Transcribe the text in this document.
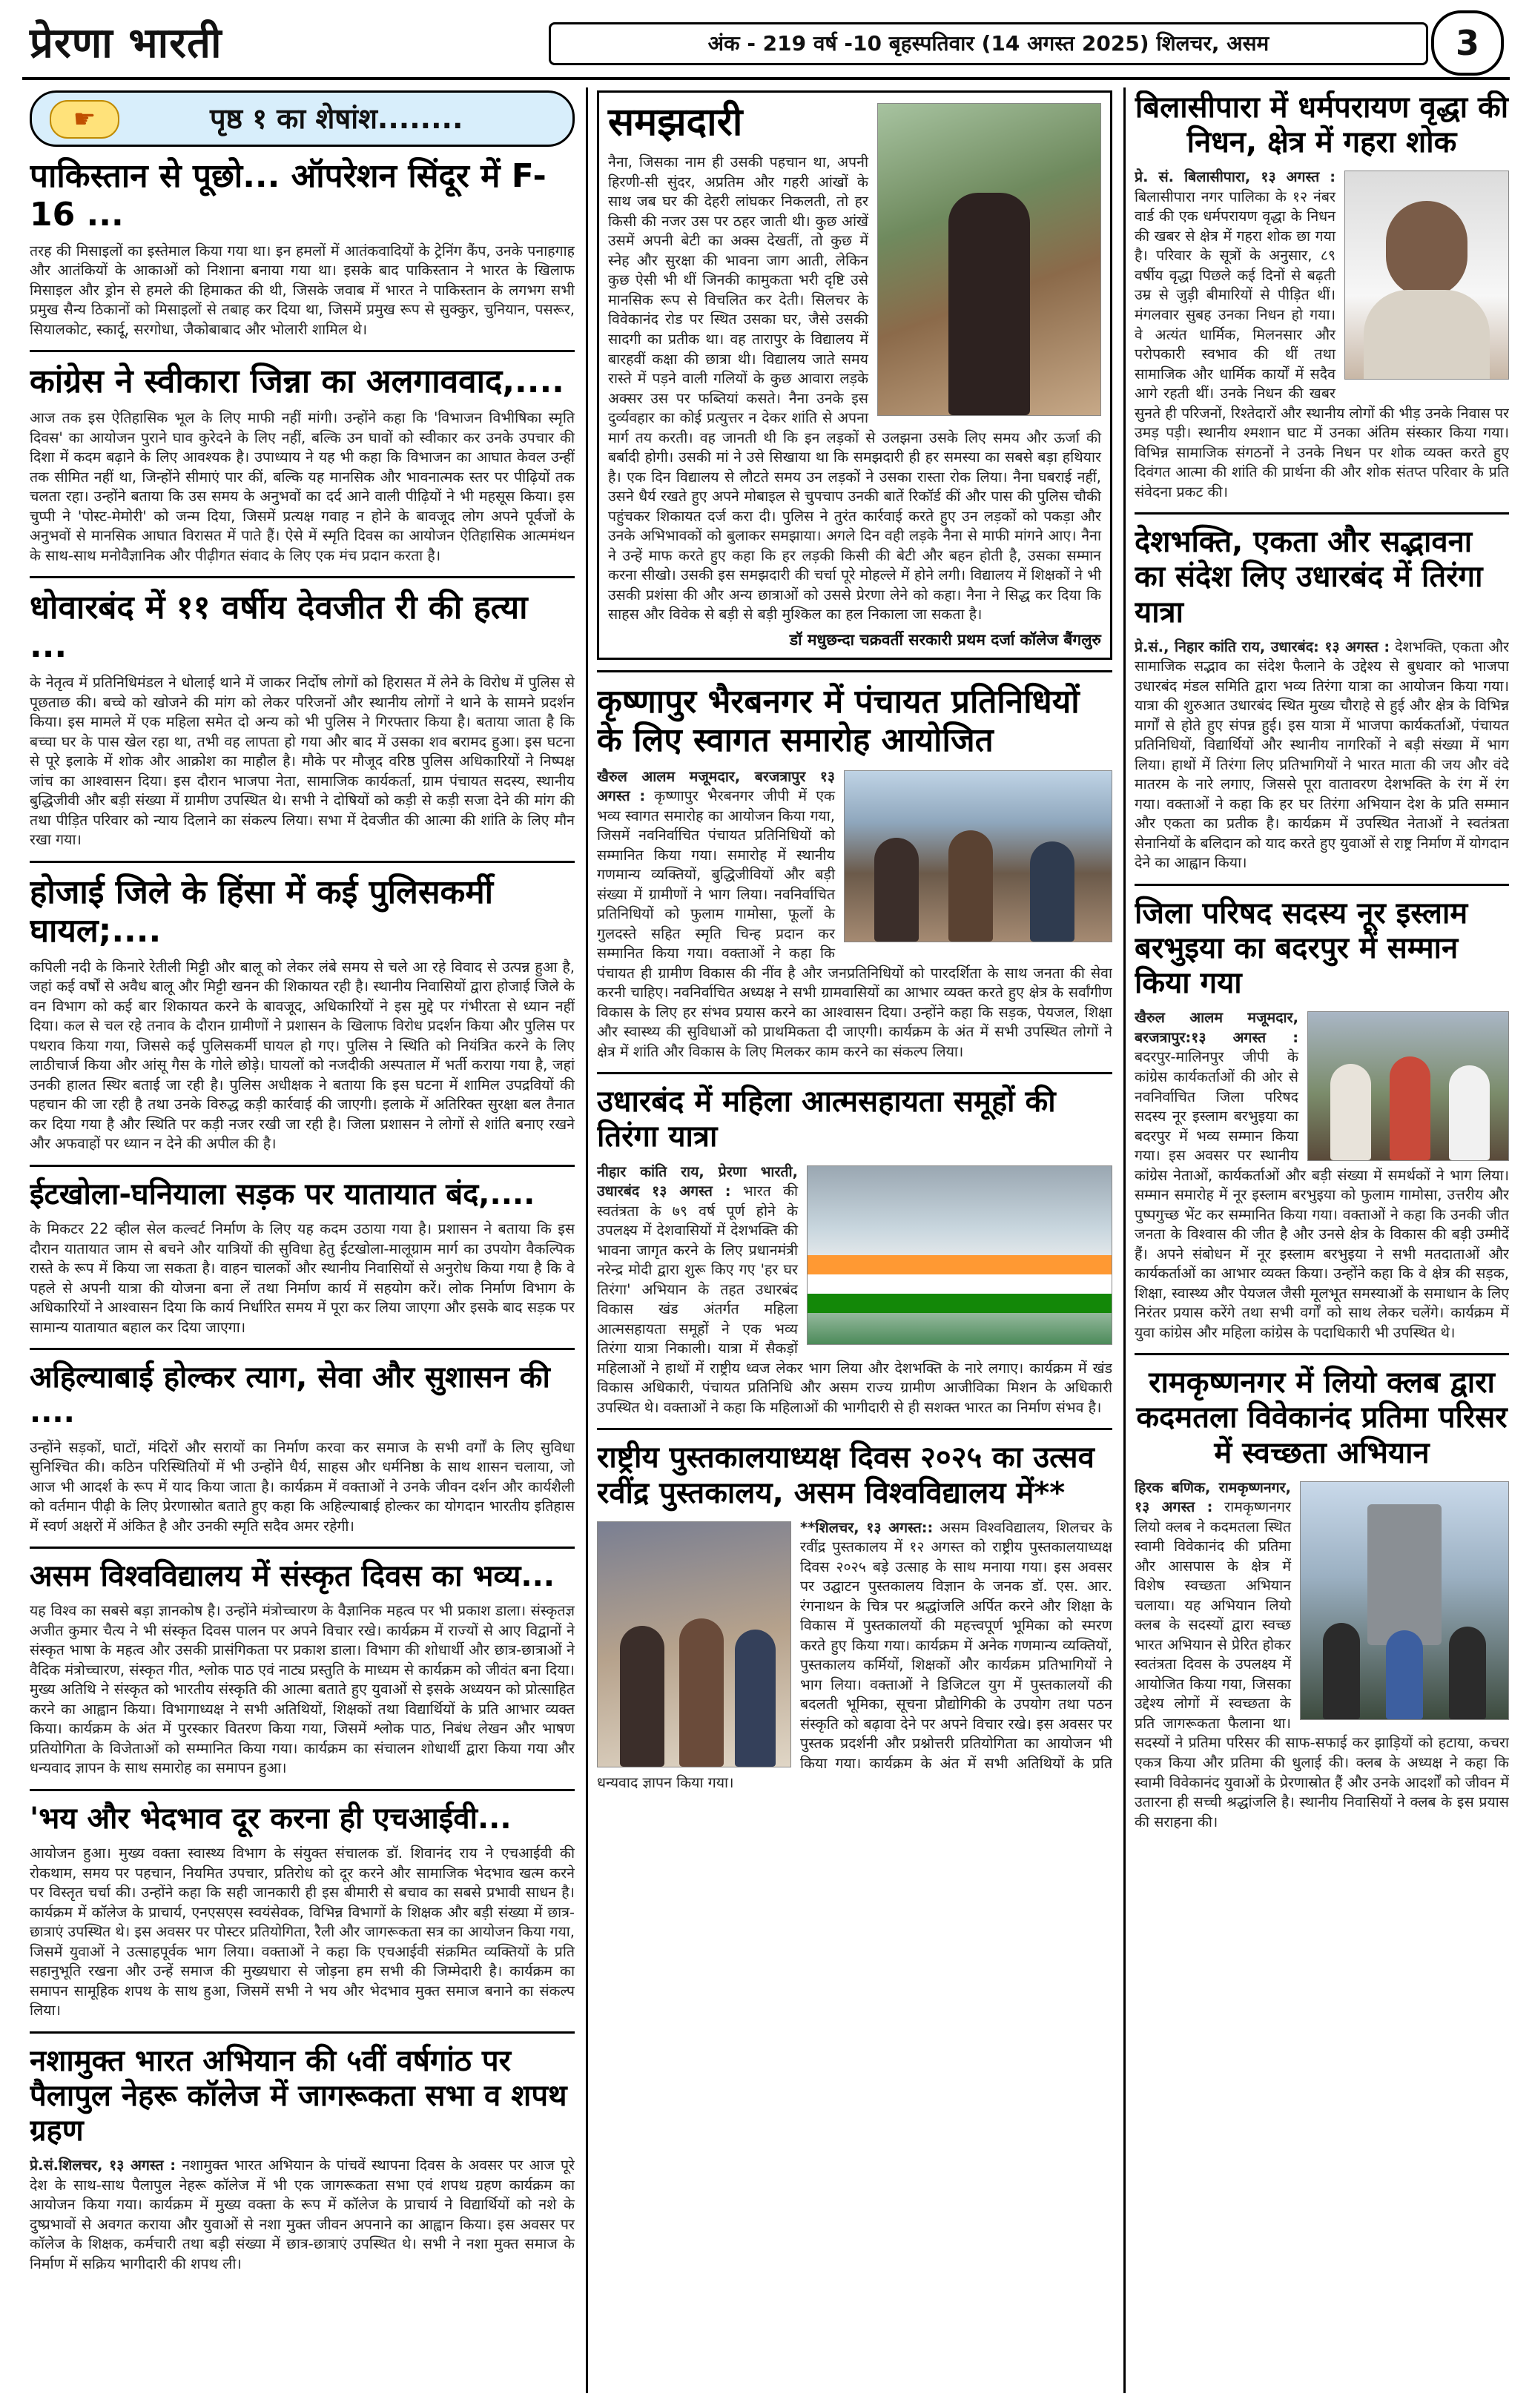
प्रेरणा भारती	अंक - 219 वर्ष -10 बृहस्पतिवार (14 अगस्त 2025) शिलचर, असम	3
☛	पृष्ठ १ का शेषांश........
पाकिस्तान से पूछो... ऑपरेशन सिंदूर में F-16 ...

तरह की मिसाइलों का इस्तेमाल किया गया था। इन हमलों में आतंकवादियों के ट्रेनिंग कैंप, उनके पनाहगाह और आतंकियों के आकाओं को निशाना बनाया गया था। इसके बाद पाकिस्तान ने भारत के खिलाफ मिसाइल और ड्रोन से हमले की हिमाकत की थी, जिसके जवाब में भारत ने पाकिस्तान के लगभग सभी प्रमुख सैन्य ठिकानों को मिसाइलों से तबाह कर दिया था, जिसमें प्रमुख रूप से सुक्कुर, चुनियान, पसरूर, सियालकोट, स्कार्दू, सरगोधा, जैकोबाबाद और भोलारी शामिल थे।

कांग्रेस ने स्वीकारा जिन्ना का अलगाववाद,....

आज तक इस ऐतिहासिक भूल के लिए माफी नहीं मांगी। उन्होंने कहा कि 'विभाजन विभीषिका स्मृति दिवस' का आयोजन पुराने घाव कुरेदने के लिए नहीं, बल्कि उन घावों को स्वीकार कर उनके उपचार की दिशा में कदम बढ़ाने के लिए आवश्यक है। उपाध्याय ने यह भी कहा कि विभाजन का आघात केवल उन्हीं तक सीमित नहीं था, जिन्होंने सीमाएं पार कीं, बल्कि यह मानसिक और भावनात्मक स्तर पर पीढ़ियों तक चलता रहा। उन्होंने बताया कि उस समय के अनुभवों का दर्द आने वाली पीढ़ियों ने भी महसूस किया। इस चुप्पी ने 'पोस्ट-मेमोरी' को जन्म दिया, जिसमें प्रत्यक्ष गवाह न होने के बावजूद लोग अपने पूर्वजों के अनुभवों से मानसिक आघात विरासत में पाते हैं। ऐसे में स्मृति दिवस का आयोजन ऐतिहासिक आत्ममंथन के साथ-साथ मनोवैज्ञानिक और पीढ़ीगत संवाद के लिए एक मंच प्रदान करता है।

धोवारबंद में ११ वर्षीय देवजीत री की हत्या ...

के नेतृत्व में प्रतिनिधिमंडल ने धोलाई थाने में जाकर निर्दोष लोगों को हिरासत में लेने के विरोध में पुलिस से पूछताछ की। बच्चे को खोजने की मांग को लेकर परिजनों और स्थानीय लोगों ने थाने के सामने प्रदर्शन किया। इस मामले में एक महिला समेत दो अन्य को भी पुलिस ने गिरफ्तार किया है। बताया जाता है कि बच्चा घर के पास खेल रहा था, तभी वह लापता हो गया और बाद में उसका शव बरामद हुआ। इस घटना से पूरे इलाके में शोक और आक्रोश का माहौल है। मौके पर मौजूद वरिष्ठ पुलिस अधिकारियों ने निष्पक्ष जांच का आश्वासन दिया। इस दौरान भाजपा नेता, सामाजिक कार्यकर्ता, ग्राम पंचायत सदस्य, स्थानीय बुद्धिजीवी और बड़ी संख्या में ग्रामीण उपस्थित थे। सभी ने दोषियों को कड़ी से कड़ी सजा देने की मांग की तथा पीड़ित परिवार को न्याय दिलाने का संकल्प लिया। सभा में देवजीत की आत्मा की शांति के लिए मौन रखा गया।

होजाई जिले के हिंसा में कई पुलिसकर्मी घायल;....

कपिली नदी के किनारे रेतीली मिट्टी और बालू को लेकर लंबे समय से चले आ रहे विवाद से उत्पन्न हुआ है, जहां कई वर्षों से अवैध बालू और मिट्टी खनन की शिकायत रही है। स्थानीय निवासियों द्वारा होजाई जिले के वन विभाग को कई बार शिकायत करने के बावजूद, अधिकारियों ने इस मुद्दे पर गंभीरता से ध्यान नहीं दिया। कल से चल रहे तनाव के दौरान ग्रामीणों ने प्रशासन के खिलाफ विरोध प्रदर्शन किया और पुलिस पर पथराव किया गया, जिससे कई पुलिसकर्मी घायल हो गए। पुलिस ने स्थिति को नियंत्रित करने के लिए लाठीचार्ज किया और आंसू गैस के गोले छोड़े। घायलों को नजदीकी अस्पताल में भर्ती कराया गया है, जहां उनकी हालत स्थिर बताई जा रही है। पुलिस अधीक्षक ने बताया कि इस घटना में शामिल उपद्रवियों की पहचान की जा रही है तथा उनके विरुद्ध कड़ी कार्रवाई की जाएगी। इलाके में अतिरिक्त सुरक्षा बल तैनात कर दिया गया है और स्थिति पर कड़ी नजर रखी जा रही है। जिला प्रशासन ने लोगों से शांति बनाए रखने और अफवाहों पर ध्यान न देने की अपील की है।

ईटखोला-घनियाला सड़क पर यातायात बंद,....

के मिकटर 22 व्हील सेल कल्वर्ट निर्माण के लिए यह कदम उठाया गया है। प्रशासन ने बताया कि इस दौरान यातायात जाम से बचने और यात्रियों की सुविधा हेतु ईटखोला-मालूग्राम मार्ग का उपयोग वैकल्पिक रास्ते के रूप में किया जा सकता है। वाहन चालकों और स्थानीय निवासियों से अनुरोध किया गया है कि वे पहले से अपनी यात्रा की योजना बना लें तथा निर्माण कार्य में सहयोग करें। लोक निर्माण विभाग के अधिकारियों ने आश्वासन दिया कि कार्य निर्धारित समय में पूरा कर लिया जाएगा और इसके बाद सड़क पर सामान्य यातायात बहाल कर दिया जाएगा।

अहिल्याबाई होल्कर त्याग, सेवा और सुशासन की ....

उन्होंने सड़कों, घाटों, मंदिरों और सरायों का निर्माण करवा कर समाज के सभी वर्गों के लिए सुविधा सुनिश्चित की। कठिन परिस्थितियों में भी उन्होंने धैर्य, साहस और धर्मनिष्ठा के साथ शासन चलाया, जो आज भी आदर्श के रूप में याद किया जाता है। कार्यक्रम में वक्ताओं ने उनके जीवन दर्शन और कार्यशैली को वर्तमान पीढ़ी के लिए प्रेरणास्रोत बताते हुए कहा कि अहिल्याबाई होल्कर का योगदान भारतीय इतिहास में स्वर्ण अक्षरों में अंकित है और उनकी स्मृति सदैव अमर रहेगी।

असम विश्वविद्यालय में संस्कृत दिवस का भव्य...

यह विश्व का सबसे बड़ा ज्ञानकोष है। उन्होंने मंत्रोच्चारण के वैज्ञानिक महत्व पर भी प्रकाश डाला। संस्कृतज्ञ अजीत कुमार चैत्य ने भी संस्कृत दिवस पालन पर अपने विचार रखे। कार्यक्रम में राज्यों से आए विद्वानों ने संस्कृत भाषा के महत्व और उसकी प्रासंगिकता पर प्रकाश डाला। विभाग की शोधार्थी और छात्र-छात्राओं ने वैदिक मंत्रोच्चारण, संस्कृत गीत, श्लोक पाठ एवं नाट्य प्रस्तुति के माध्यम से कार्यक्रम को जीवंत बना दिया। मुख्य अतिथि ने संस्कृत को भारतीय संस्कृति की आत्मा बताते हुए युवाओं से इसके अध्ययन को प्रोत्साहित करने का आह्वान किया। विभागाध्यक्ष ने सभी अतिथियों, शिक्षकों तथा विद्यार्थियों के प्रति आभार व्यक्त किया। कार्यक्रम के अंत में पुरस्कार वितरण किया गया, जिसमें श्लोक पाठ, निबंध लेखन और भाषण प्रतियोगिता के विजेताओं को सम्मानित किया गया। कार्यक्रम का संचालन शोधार्थी द्वारा किया गया और धन्यवाद ज्ञापन के साथ समारोह का समापन हुआ।

'भय और भेदभाव दूर करना ही एचआईवी...

आयोजन हुआ। मुख्य वक्ता स्वास्थ्य विभाग के संयुक्त संचालक डॉ. शिवानंद राय ने एचआईवी की रोकथाम, समय पर पहचान, नियमित उपचार, प्रतिरोध को दूर करने और सामाजिक भेदभाव खत्म करने पर विस्तृत चर्चा की। उन्होंने कहा कि सही जानकारी ही इस बीमारी से बचाव का सबसे प्रभावी साधन है। कार्यक्रम में कॉलेज के प्राचार्य, एनएसएस स्वयंसेवक, विभिन्न विभागों के शिक्षक और बड़ी संख्या में छात्र-छात्राएं उपस्थित थे। इस अवसर पर पोस्टर प्रतियोगिता, रैली और जागरूकता सत्र का आयोजन किया गया, जिसमें युवाओं ने उत्साहपूर्वक भाग लिया। वक्ताओं ने कहा कि एचआईवी संक्रमित व्यक्तियों के प्रति सहानुभूति रखना और उन्हें समाज की मुख्यधारा से जोड़ना हम सभी की जिम्मेदारी है। कार्यक्रम का समापन सामूहिक शपथ के साथ हुआ, जिसमें सभी ने भय और भेदभाव मुक्त समाज बनाने का संकल्प लिया।

नशामुक्त भारत अभियान की ५वीं वर्षगांठ पर पैलापुल नेहरू कॉलेज में जागरूकता सभा व शपथ ग्रहण

प्रे.सं.शिलचर, १३ अगस्त : नशामुक्त भारत अभियान के पांचवें स्थापना दिवस के अवसर पर आज पूरे देश के साथ-साथ पैलापुल नेहरू कॉलेज में भी एक जागरूकता सभा एवं शपथ ग्रहण कार्यक्रम का आयोजन किया गया। कार्यक्रम में मुख्य वक्ता के रूप में कॉलेज के प्राचार्य ने विद्यार्थियों को नशे के दुष्प्रभावों से अवगत कराया और युवाओं से नशा मुक्त जीवन अपनाने का आह्वान किया। इस अवसर पर कॉलेज के शिक्षक, कर्मचारी तथा बड़ी संख्या में छात्र-छात्राएं उपस्थित थे। सभी ने नशा मुक्त समाज के निर्माण में सक्रिय भागीदारी की शपथ ली।

समझदारी

नैना, जिसका नाम ही उसकी पहचान था, अपनी हिरणी-सी सुंदर, अप्रतिम और गहरी आंखों के साथ जब घर की देहरी लांघकर निकलती, तो हर किसी की नजर उस पर ठहर जाती थी। कुछ आंखें उसमें अपनी बेटी का अक्स देखतीं, तो कुछ में स्नेह और सुरक्षा की भावना जाग आती, लेकिन कुछ ऐसी भी थीं जिनकी कामुकता भरी दृष्टि उसे मानसिक रूप से विचलित कर देती। सिलचर के विवेकानंद रोड पर स्थित उसका घर, जैसे उसकी सादगी का प्रतीक था। वह तारापुर के विद्यालय में बारहवीं कक्षा की छात्रा थी। विद्यालय जाते समय रास्ते में पड़ने वाली गलियों के कुछ आवारा लड़के अक्सर उस पर फब्तियां कसते। नैना उनके इस दुर्व्यवहार का कोई प्रत्युत्तर न देकर शांति से अपना मार्ग तय करती। वह जानती थी कि इन लड़कों से उलझना उसके लिए समय और ऊर्जा की बर्बादी होगी। उसकी मां ने उसे सिखाया था कि समझदारी ही हर समस्या का सबसे बड़ा हथियार है। एक दिन विद्यालय से लौटते समय उन लड़कों ने उसका रास्ता रोक लिया। नैना घबराई नहीं, उसने धैर्य रखते हुए अपने मोबाइल से चुपचाप उनकी बातें रिकॉर्ड कीं और पास की पुलिस चौकी पहुंचकर शिकायत दर्ज करा दी। पुलिस ने तुरंत कार्रवाई करते हुए उन लड़कों को पकड़ा और उनके अभिभावकों को बुलाकर समझाया। अगले दिन वही लड़के नैना से माफी मांगने आए। नैना ने उन्हें माफ करते हुए कहा कि हर लड़की किसी की बेटी और बहन होती है, उसका सम्मान करना सीखो। उसकी इस समझदारी की चर्चा पूरे मोहल्ले में होने लगी। विद्यालय में शिक्षकों ने भी उसकी प्रशंसा की और अन्य छात्राओं को उससे प्रेरणा लेने को कहा। नैना ने सिद्ध कर दिया कि साहस और विवेक से बड़ी से बड़ी मुश्किल का हल निकाला जा सकता है।

डॉ मधुछन्दा चक्रवर्ती सरकारी प्रथम दर्जा कॉलेज बैंगलुरु

कृष्णापुर भैरबनगर में पंचायत प्रतिनिधियों के लिए स्वागत समारोह आयोजित

खैरुल आलम मजूमदार, बरजत्रापुर १३ अगस्त : कृष्णापुर भैरबनगर जीपी में एक भव्य स्वागत समारोह का आयोजन किया गया, जिसमें नवनिर्वाचित पंचायत प्रतिनिधियों को सम्मानित किया गया। समारोह में स्थानीय गणमान्य व्यक्तियों, बुद्धिजीवियों और बड़ी संख्या में ग्रामीणों ने भाग लिया। नवनिर्वाचित प्रतिनिधियों को फुलाम गामोसा, फूलों के गुलदस्ते सहित स्मृति चिन्ह प्रदान कर सम्मानित किया गया। वक्ताओं ने कहा कि पंचायत ही ग्रामीण विकास की नींव है और जनप्रतिनिधियों को पारदर्शिता के साथ जनता की सेवा करनी चाहिए। नवनिर्वाचित अध्यक्ष ने सभी ग्रामवासियों का आभार व्यक्त करते हुए क्षेत्र के सर्वांगीण विकास के लिए हर संभव प्रयास करने का आश्वासन दिया। उन्होंने कहा कि सड़क, पेयजल, शिक्षा और स्वास्थ्य की सुविधाओं को प्राथमिकता दी जाएगी। कार्यक्रम के अंत में सभी उपस्थित लोगों ने क्षेत्र में शांति और विकास के लिए मिलकर काम करने का संकल्प लिया।

उधारबंद में महिला आत्मसहायता समूहों की तिरंगा यात्रा

नीहार कांति राय, प्रेरणा भारती, उधारबंद १३ अगस्त : भारत की स्वतंत्रता के ७९ वर्ष पूर्ण होने के उपलक्ष्य में देशवासियों में देशभक्ति की भावना जागृत करने के लिए प्रधानमंत्री नरेन्द्र मोदी द्वारा शुरू किए गए 'हर घर तिरंगा' अभियान के तहत उधारबंद विकास खंड अंतर्गत महिला आत्मसहायता समूहों ने एक भव्य तिरंगा यात्रा निकाली। यात्रा में सैकड़ों महिलाओं ने हाथों में राष्ट्रीय ध्वज लेकर भाग लिया और देशभक्ति के नारे लगाए। कार्यक्रम में खंड विकास अधिकारी, पंचायत प्रतिनिधि और असम राज्य ग्रामीण आजीविका मिशन के अधिकारी उपस्थित थे। वक्ताओं ने कहा कि महिलाओं की भागीदारी से ही सशक्त भारत का निर्माण संभव है।

राष्ट्रीय पुस्तकालयाध्यक्ष दिवस २०२५ का उत्सव रवींद्र पुस्तकालय, असम विश्वविद्यालय में**

**शिलचर, १३ अगस्त:: असम विश्वविद्यालय, शिलचर के रवींद्र पुस्तकालय में १२ अगस्त को राष्ट्रीय पुस्तकालयाध्यक्ष दिवस २०२५ बड़े उत्साह के साथ मनाया गया। इस अवसर पर उद्घाटन पुस्तकालय विज्ञान के जनक डॉ. एस. आर. रंगनाथन के चित्र पर श्रद्धांजलि अर्पित करने और शिक्षा के विकास में पुस्तकालयों की महत्त्वपूर्ण भूमिका को स्मरण करते हुए किया गया। कार्यक्रम में अनेक गणमान्य व्यक्तियों, पुस्तकालय कर्मियों, शिक्षकों और कार्यक्रम प्रतिभागियों ने भाग लिया। वक्ताओं ने डिजिटल युग में पुस्तकालयों की बदलती भूमिका, सूचना प्रौद्योगिकी के उपयोग तथा पठन संस्कृति को बढ़ावा देने पर अपने विचार रखे। इस अवसर पर पुस्तक प्रदर्शनी और प्रश्नोत्तरी प्रतियोगिता का आयोजन भी किया गया। कार्यक्रम के अंत में सभी अतिथियों के प्रति धन्यवाद ज्ञापन किया गया।

बिलासीपारा में धर्मपरायण वृद्धा की निधन, क्षेत्र में गहरा शोक

प्रे. सं. बिलासीपारा, १३ अगस्त : बिलासीपारा नगर पालिका के १२ नंबर वार्ड की एक धर्मपरायण वृद्धा के निधन की खबर से क्षेत्र में गहरा शोक छा गया है। परिवार के सूत्रों के अनुसार, ८९ वर्षीय वृद्धा पिछले कई दिनों से बढ़ती उम्र से जुड़ी बीमारियों से पीड़ित थीं। मंगलवार सुबह उनका निधन हो गया। वे अत्यंत धार्मिक, मिलनसार और परोपकारी स्वभाव की थीं तथा सामाजिक और धार्मिक कार्यों में सदैव आगे रहती थीं। उनके निधन की खबर सुनते ही परिजनों, रिश्तेदारों और स्थानीय लोगों की भीड़ उनके निवास पर उमड़ पड़ी। स्थानीय श्मशान घाट में उनका अंतिम संस्कार किया गया। विभिन्न सामाजिक संगठनों ने उनके निधन पर शोक व्यक्त करते हुए दिवंगत आत्मा की शांति की प्रार्थना की और शोक संतप्त परिवार के प्रति संवेदना प्रकट की।

देशभक्ति, एकता और सद्भावना का संदेश लिए उधारबंद में तिरंगा यात्रा

प्रे.सं., निहार कांति राय, उधारबंद: १३ अगस्त : देशभक्ति, एकता और सामाजिक सद्भाव का संदेश फैलाने के उद्देश्य से बुधवार को भाजपा उधारबंद मंडल समिति द्वारा भव्य तिरंगा यात्रा का आयोजन किया गया। यात्रा की शुरुआत उधारबंद स्थित मुख्य चौराहे से हुई और क्षेत्र के विभिन्न मार्गों से होते हुए संपन्न हुई। इस यात्रा में भाजपा कार्यकर्ताओं, पंचायत प्रतिनिधियों, विद्यार्थियों और स्थानीय नागरिकों ने बड़ी संख्या में भाग लिया। हाथों में तिरंगा लिए प्रतिभागियों ने भारत माता की जय और वंदे मातरम के नारे लगाए, जिससे पूरा वातावरण देशभक्ति के रंग में रंग गया। वक्ताओं ने कहा कि हर घर तिरंगा अभियान देश के प्रति सम्मान और एकता का प्रतीक है। कार्यक्रम में उपस्थित नेताओं ने स्वतंत्रता सेनानियों के बलिदान को याद करते हुए युवाओं से राष्ट्र निर्माण में योगदान देने का आह्वान किया।

जिला परिषद सदस्य नूर इस्लाम बरभुइया का बदरपुर में सम्मान किया गया

खैरुल आलम मजूमदार, बरजत्रापुर:१३ अगस्त : बदरपुर-मालिनपुर जीपी के कांग्रेस कार्यकर्ताओं की ओर से नवनिर्वाचित जिला परिषद सदस्य नूर इस्लाम बरभुइया का बदरपुर में भव्य सम्मान किया गया। इस अवसर पर स्थानीय कांग्रेस नेताओं, कार्यकर्ताओं और बड़ी संख्या में समर्थकों ने भाग लिया। सम्मान समारोह में नूर इस्लाम बरभुइया को फुलाम गामोसा, उत्तरीय और पुष्पगुच्छ भेंट कर सम्मानित किया गया। वक्ताओं ने कहा कि उनकी जीत जनता के विश्वास की जीत है और उनसे क्षेत्र के विकास की बड़ी उम्मीदें हैं। अपने संबोधन में नूर इस्लाम बरभुइया ने सभी मतदाताओं और कार्यकर्ताओं का आभार व्यक्त किया। उन्होंने कहा कि वे क्षेत्र की सड़क, शिक्षा, स्वास्थ्य और पेयजल जैसी मूलभूत समस्याओं के समाधान के लिए निरंतर प्रयास करेंगे तथा सभी वर्गों को साथ लेकर चलेंगे। कार्यक्रम में युवा कांग्रेस और महिला कांग्रेस के पदाधिकारी भी उपस्थित थे।

रामकृष्णनगर में लियो क्लब द्वारा कदमतला विवेकानंद प्रतिमा परिसर में स्वच्छता अभियान

हिरक बणिक, रामकृष्णनगर, १३ अगस्त : रामकृष्णनगर लियो क्लब ने कदमतला स्थित स्वामी विवेकानंद की प्रतिमा और आसपास के क्षेत्र में विशेष स्वच्छता अभियान चलाया। यह अभियान लियो क्लब के सदस्यों द्वारा स्वच्छ भारत अभियान से प्रेरित होकर स्वतंत्रता दिवस के उपलक्ष्य में आयोजित किया गया, जिसका उद्देश्य लोगों में स्वच्छता के प्रति जागरूकता फैलाना था। सदस्यों ने प्रतिमा परिसर की साफ-सफाई कर झाड़ियों को हटाया, कचरा एकत्र किया और प्रतिमा की धुलाई की। क्लब के अध्यक्ष ने कहा कि स्वामी विवेकानंद युवाओं के प्रेरणास्रोत हैं और उनके आदर्शों को जीवन में उतारना ही सच्ची श्रद्धांजलि है। स्थानीय निवासियों ने क्लब के इस प्रयास की सराहना की।
